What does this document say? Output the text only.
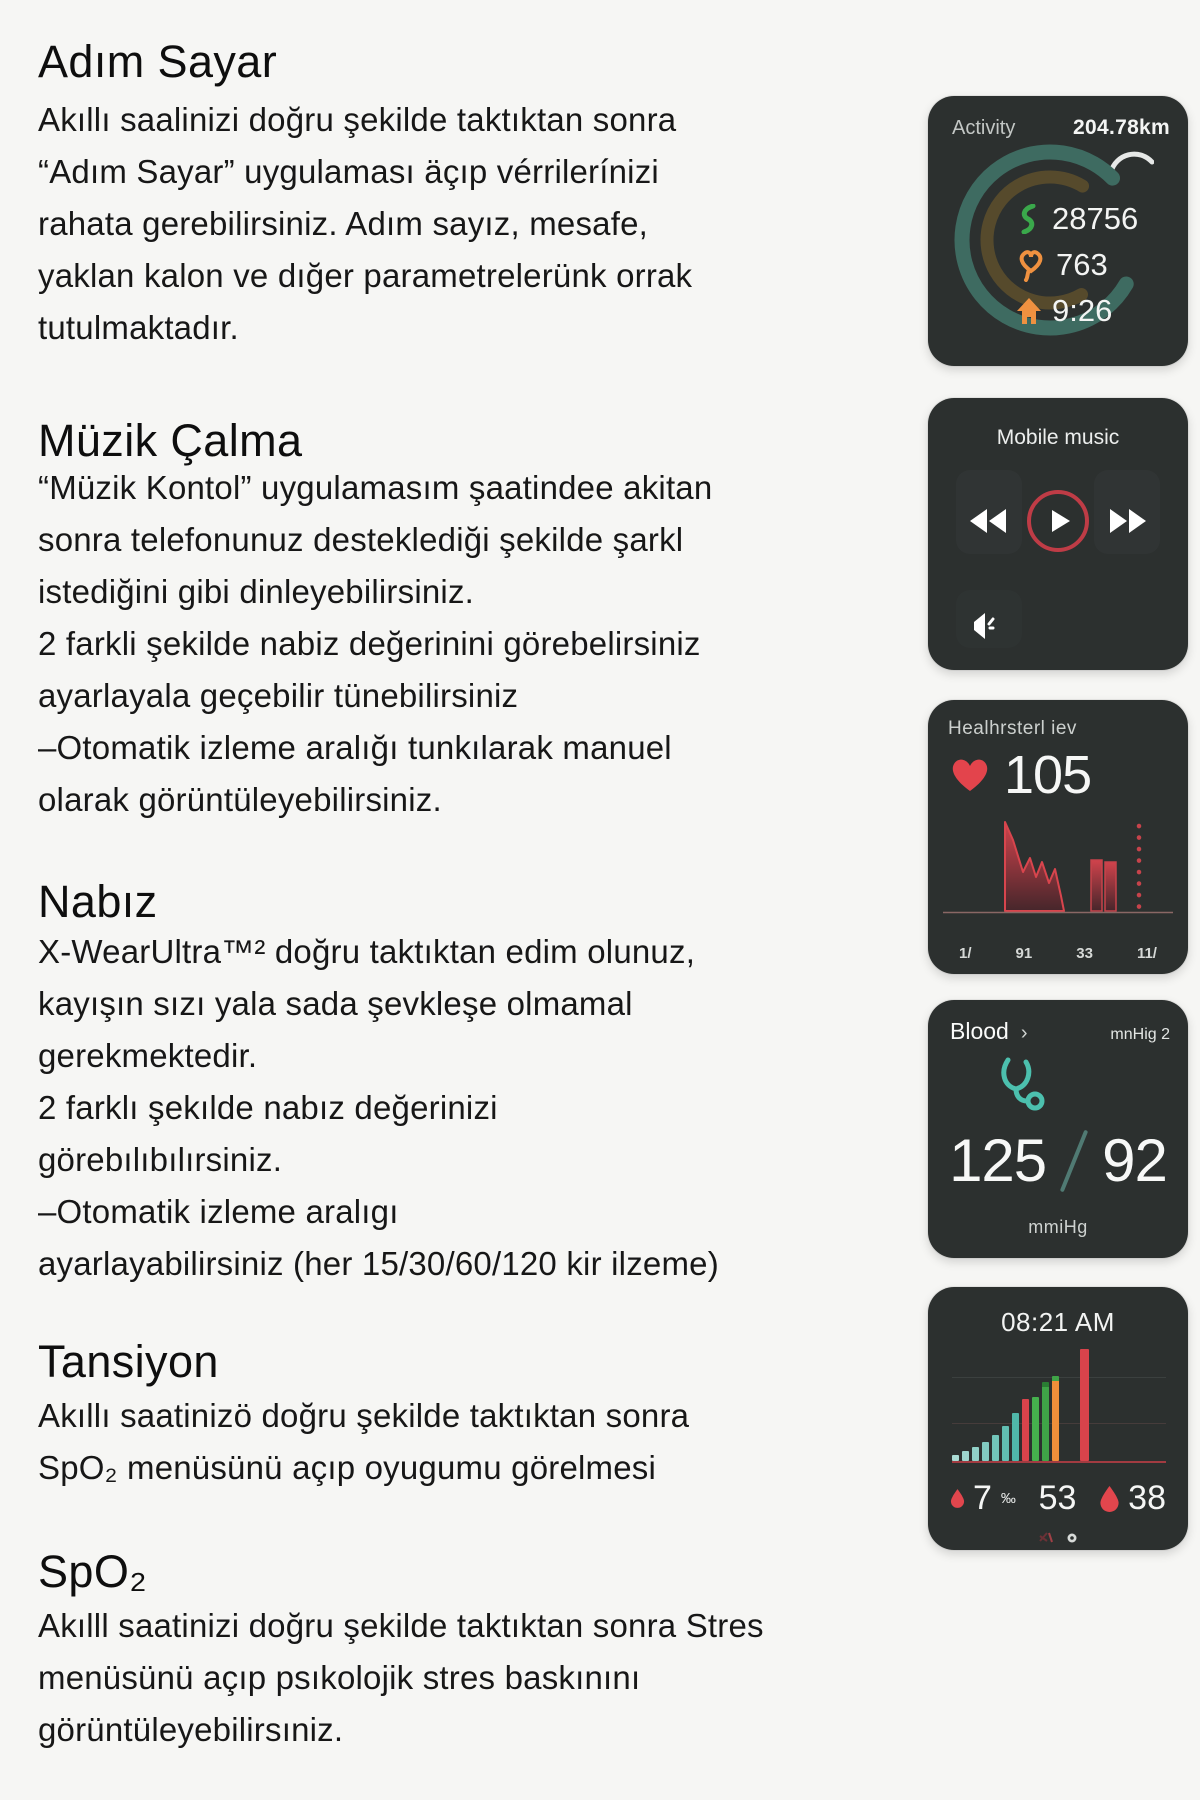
Adım Sayar
Akıllı saalinizi doğru şekilde taktıktan sonra
“Adım Sayar” uygulaması äçıp vérrilerínizi
rahata gerebilirsiniz. Adım sayız, mesafe,
yaklan kalon ve dığer parametrelerünk orrak
tutulmaktadır.
Müzik Çalma
“Müzik Kontol” uygulamasım şaatindee akitan
sonra telefonunuz desteklediği şekilde şarkl
istediğini gibi dinleyebilirsiniz.
2 farkli şekilde nabiz değerinini görebelirsiniz
ayarlayala geçebilir tünebilirsiniz
–Otomatik izleme aralığı tunkılarak manuel
olarak görüntüleyebilirsiniz.
Nabız
X-WearUltra™² doğru taktıktan edim olunuz,
kayışın sızı yala sada şevkleşe olmamal
gerekmektedir.
2 farklı şekılde nabız değerinizi
görebılıbılırsiniz.
–Otomatik izleme aralıgı
ayarlayabilirsiniz (her 15/30/60/120 kir ilzeme)
Tansiyon
Akıllı saatinizö doğru şekilde taktıktan sonra
SpO₂ menüsünü açıp oyugumu görelmesi
SpO₂
Akılll saatinizi doğru şekilde taktıktan sonra Stres
menüsünü açıp psıkolojik stres baskınını
görüntüleyebilirsıniz.
Activity	204.78km
28756
763
9:26
Mobile music
Healhrsterl iev
105
1/	91	33	11/
Blood ›	mnHig 2
125 92
mmiHg
08:21 AM
7 ‰ 53 38
